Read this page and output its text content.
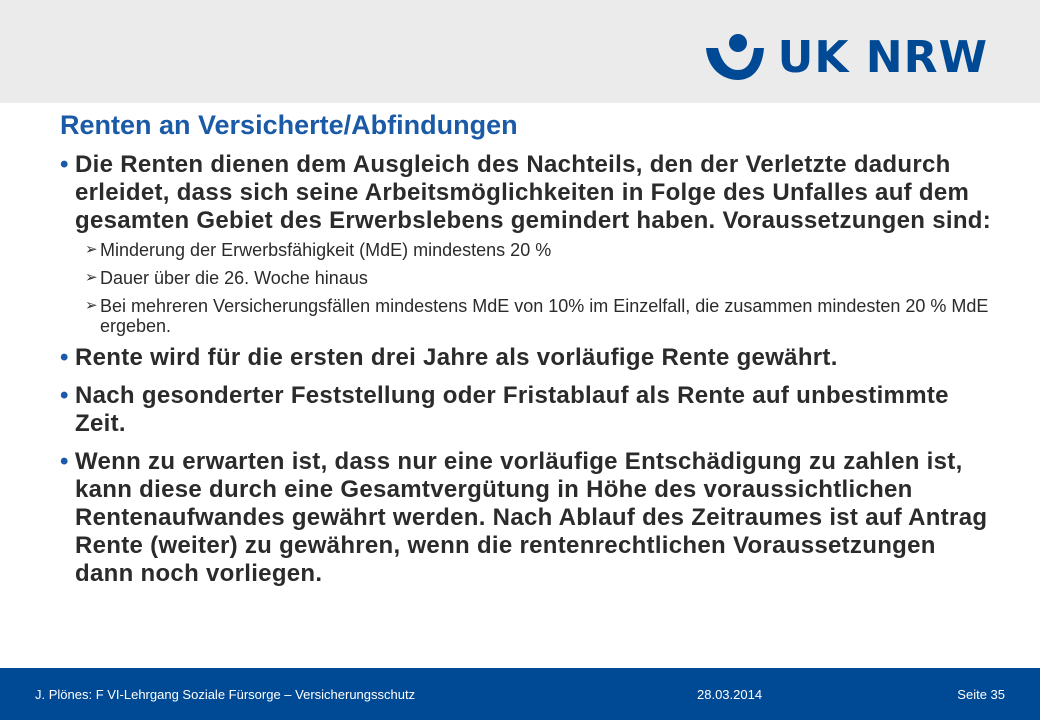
UK NRW
Renten an Versicherte/Abfindungen
• Die Renten dienen dem Ausgleich des Nachteils, den der Verletzte dadurch erleidet, dass sich seine Arbeitsmöglichkeiten in Folge des Unfalles auf dem gesamten Gebiet des Erwerbslebens gemindert haben. Voraussetzungen sind:
➢ Minderung der Erwerbsfähigkeit (MdE) mindestens 20 %
➢ Dauer über die 26. Woche hinaus
➢ Bei mehreren Versicherungsfällen mindestens MdE von 10% im Einzelfall, die zusammen mindesten 20 % MdE ergeben.
• Rente wird für die ersten drei Jahre als vorläufige Rente gewährt.
• Nach gesonderter Feststellung oder Fristablauf als Rente auf unbestimmte Zeit.
• Wenn zu erwarten ist, dass nur eine vorläufige Entschädigung zu zahlen ist, kann diese durch eine Gesamtvergütung in Höhe des voraussichtlichen Rentenaufwandes gewährt werden. Nach Ablauf des Zeitraumes ist auf Antrag Rente (weiter) zu gewähren, wenn die rentenrechtlichen Voraussetzungen dann noch vorliegen.
J. Plönes: F VI-Lehrgang Soziale Fürsorge – Versicherungsschutz	28.03.2014	Seite 35
